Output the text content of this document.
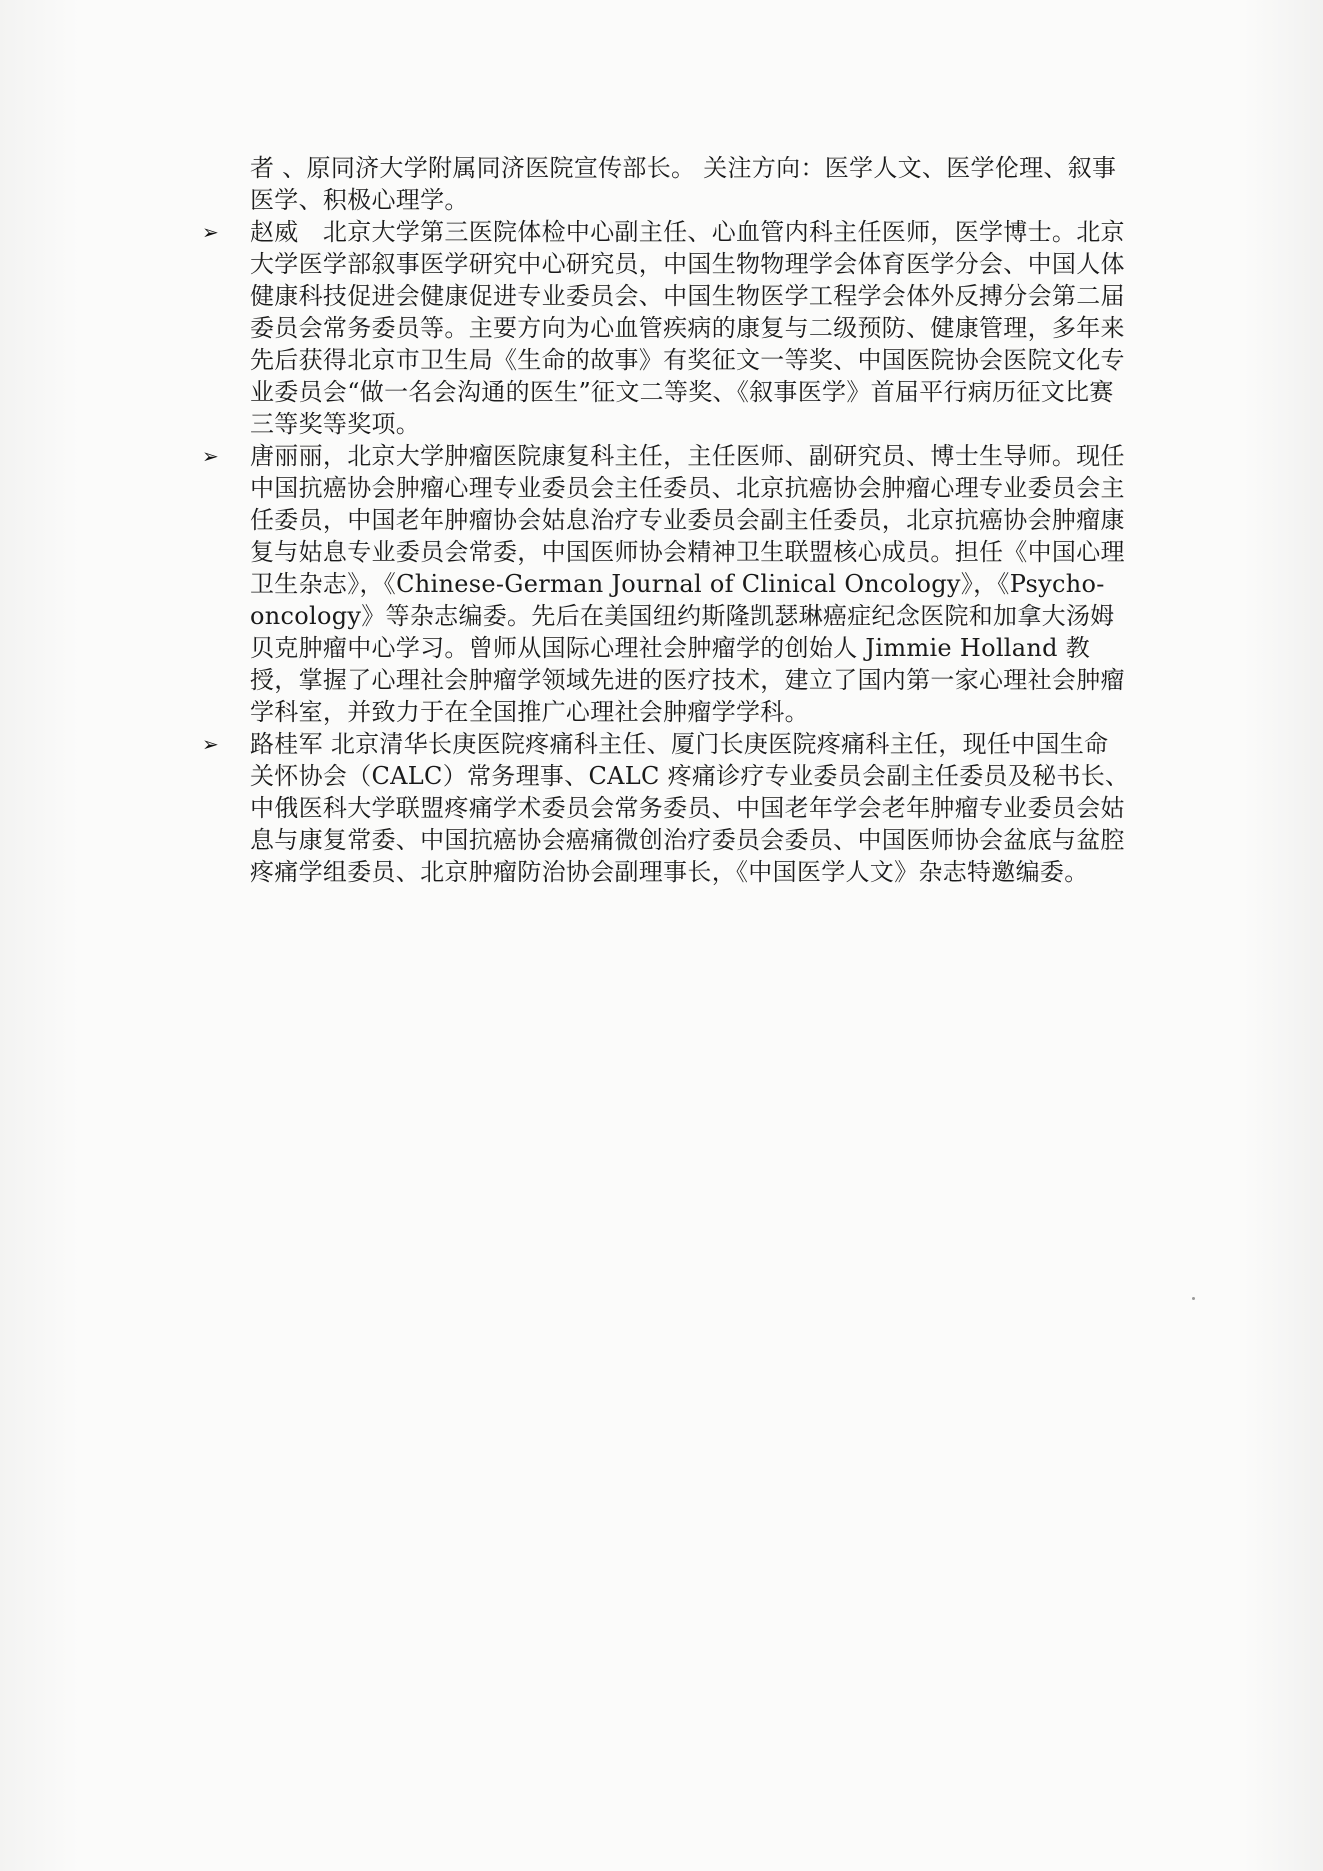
者 、原同济大学附属同济医院宣传部长。 关注方向：医学人文、医学伦理、叙事医学、积极心理学。

➢	赵威　北京大学第三医院体检中心副主任、心血管内科主任医师，医学博士。北京大学医学部叙事医学研究中心研究员，中国生物物理学会体育医学分会、中国人体健康科技促进会健康促进专业委员会、中国生物医学工程学会体外反搏分会第二届委员会常务委员等。主要方向为心血管疾病的康复与二级预防、健康管理，多年来先后获得北京市卫生局《生命的故事》有奖征文一等奖、中国医院协会医院文化专业委员会“做一名会沟通的医生”征文二等奖、《叙事医学》首届平行病历征文比赛三等奖等奖项。
➢	唐丽丽，北京大学肿瘤医院康复科主任，主任医师、副研究员、博士生导师。现任中国抗癌协会肿瘤心理专业委员会主任委员、北京抗癌协会肿瘤心理专业委员会主任委员，中国老年肿瘤协会姑息治疗专业委员会副主任委员，北京抗癌协会肿瘤康复与姑息专业委员会常委，中国医师协会精神卫生联盟核心成员。担任《中国心理卫生杂志》，《Chinese-German Journal of Clinical Oncology》，《Psycho-oncology》等杂志编委。先后在美国纽约斯隆凯瑟琳癌症纪念医院和加拿大汤姆贝克肿瘤中心学习。曾师从国际心理社会肿瘤学的创始人 Jimmie Holland 教授，掌握了心理社会肿瘤学领域先进的医疗技术，建立了国内第一家心理社会肿瘤学科室，并致力于在全国推广心理社会肿瘤学学科。
➢	路桂军 北京清华长庚医院疼痛科主任、厦门长庚医院疼痛科主任，现任中国生命关怀协会（CALC）常务理事、CALC 疼痛诊疗专业委员会副主任委员及秘书长、中俄医科大学联盟疼痛学术委员会常务委员、中国老年学会老年肿瘤专业委员会姑息与康复常委、中国抗癌协会癌痛微创治疗委员会委员、中国医师协会盆底与盆腔疼痛学组委员、北京肿瘤防治协会副理事长，《中国医学人文》杂志特邀编委。
